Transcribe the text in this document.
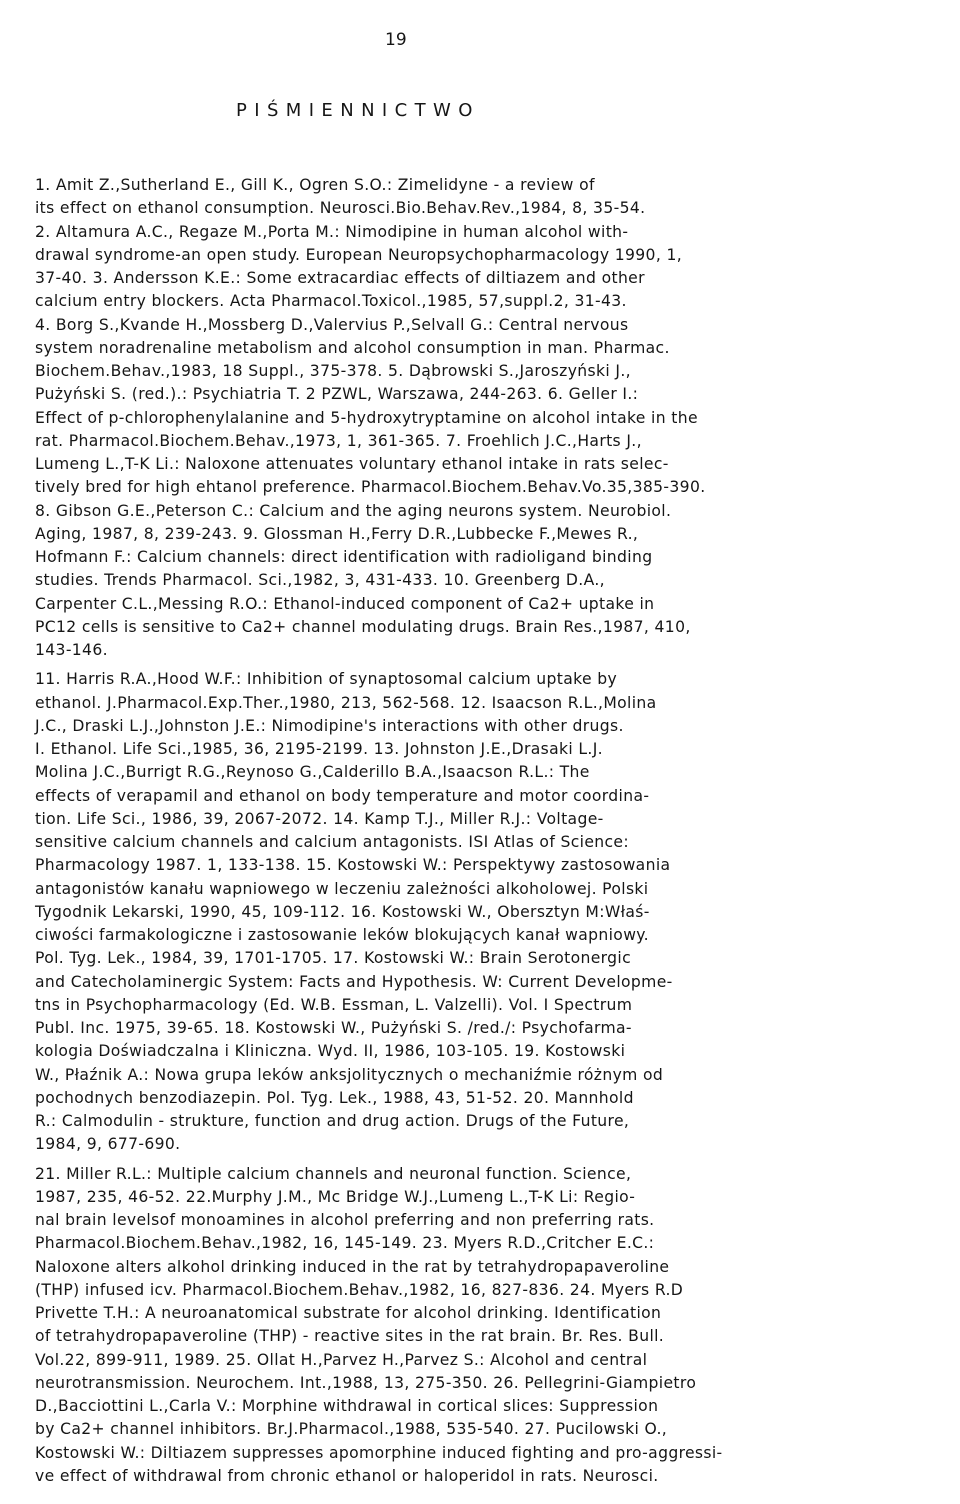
19
PIŚMIENNICTWO
1. Amit Z.,Sutherland E., Gill K., Ogren S.O.: Zimelidyne - a review of
its effect on ethanol consumption. Neurosci.Bio.Behav.Rev.,1984, 8, 35-54.
2. Altamura A.C., Regaze M.,Porta M.: Nimodipine in human alcohol with-
drawal syndrome-an open study. European Neuropsychopharmacology 1990, 1,
37-40. 3. Andersson K.E.: Some extracardiac effects of diltiazem and other
calcium entry blockers. Acta Pharmacol.Toxicol.,1985, 57,suppl.2, 31-43.
4. Borg S.,Kvande H.,Mossberg D.,Valervius P.,Selvall G.: Central nervous
system noradrenaline metabolism and alcohol consumption in man. Pharmac.
Biochem.Behav.,1983, 18 Suppl., 375-378. 5. Dąbrowski S.,Jaroszyński J.,
Pużyński S. (red.).: Psychiatria T. 2 PZWL, Warszawa, 244-263. 6. Geller I.:
Effect of p-chlorophenylalanine and 5-hydroxytryptamine on alcohol intake in the
rat. Pharmacol.Biochem.Behav.,1973, 1, 361-365. 7. Froehlich J.C.,Harts J.,
Lumeng L.,T-K Li.: Naloxone attenuates voluntary ethanol intake in rats selec-
tively bred for high ehtanol preference. Pharmacol.Biochem.Behav.Vo.35,385-390.
8. Gibson G.E.,Peterson C.: Calcium and the aging neurons system. Neurobiol.
Aging, 1987, 8, 239-243. 9. Glossman H.,Ferry D.R.,Lubbecke F.,Mewes R.,
Hofmann F.: Calcium channels: direct identification with radioligand binding
studies. Trends Pharmacol. Sci.,1982, 3, 431-433. 10. Greenberg D.A.,
Carpenter C.L.,Messing R.O.: Ethanol-induced component of Ca2+ uptake in
PC12 cells is sensitive to Ca2+ channel modulating drugs. Brain Res.,1987, 410,
143-146.
11. Harris R.A.,Hood W.F.: Inhibition of synaptosomal calcium uptake by
ethanol. J.Pharmacol.Exp.Ther.,1980, 213, 562-568. 12. Isaacson R.L.,Molina
J.C., Draski L.J.,Johnston J.E.: Nimodipine's interactions with other drugs.
I. Ethanol. Life Sci.,1985, 36, 2195-2199. 13. Johnston J.E.,Drasaki L.J.
Molina J.C.,Burrigt R.G.,Reynoso G.,Calderillo B.A.,Isaacson R.L.: The
effects of verapamil and ethanol on body temperature and motor coordina-
tion. Life Sci., 1986, 39, 2067-2072. 14. Kamp T.J., Miller R.J.: Voltage-
sensitive calcium channels and calcium antagonists. ISI Atlas of Science:
Pharmacology 1987. 1, 133-138. 15. Kostowski W.: Perspektywy zastosowania
antagonistów kanału wapniowego w leczeniu zależności alkoholowej. Polski
Tygodnik Lekarski, 1990, 45, 109-112. 16. Kostowski W., Obersztyn M:Właś-
ciwości farmakologiczne i zastosowanie leków blokujących kanał wapniowy.
Pol. Tyg. Lek., 1984, 39, 1701-1705. 17. Kostowski W.: Brain Serotonergic
and Catecholaminergic System: Facts and Hypothesis. W: Current Developme-
tns in Psychopharmacology (Ed. W.B. Essman, L. Valzelli). Vol. I Spectrum
Publ. Inc. 1975, 39-65. 18. Kostowski W., Pużyński S. /red./: Psychofarma-
kologia Doświadczalna i Kliniczna. Wyd. II, 1986, 103-105. 19. Kostowski
W., Płaźnik A.: Nowa grupa leków anksjolitycznych o mechaniźmie różnym od
pochodnych benzodiazepin. Pol. Tyg. Lek., 1988, 43, 51-52. 20. Mannhold
R.: Calmodulin - strukture, function and drug action. Drugs of the Future,
1984, 9, 677-690.
21. Miller R.L.: Multiple calcium channels and neuronal function. Science,
1987, 235, 46-52. 22.Murphy J.M., Mc Bridge W.J.,Lumeng L.,T-K Li: Regio-
nal brain levelsof monoamines in alcohol preferring and non preferring rats.
Pharmacol.Biochem.Behav.,1982, 16, 145-149. 23. Myers R.D.,Critcher E.C.:
Naloxone alters alkohol drinking induced in the rat by tetrahydropapaveroline
(THP) infused icv. Pharmacol.Biochem.Behav.,1982, 16, 827-836. 24. Myers R.D
Privette T.H.: A neuroanatomical substrate for alcohol drinking. Identification
of tetrahydropapaveroline (THP) - reactive sites in the rat brain. Br. Res. Bull.
Vol.22, 899-911, 1989. 25. Ollat H.,Parvez H.,Parvez S.: Alcohol and central
neurotransmission. Neurochem. Int.,1988, 13, 275-350. 26. Pellegrini-Giampietro
D.,Bacciottini L.,Carla V.: Morphine withdrawal in cortical slices: Suppression
by Ca2+ channel inhibitors. Br.J.Pharmacol.,1988, 535-540. 27. Pucilowski O.,
Kostowski W.: Diltiazem suppresses apomorphine induced fighting and pro-aggressi-
ve effect of withdrawal from chronic ethanol or haloperidol in rats. Neurosci.
